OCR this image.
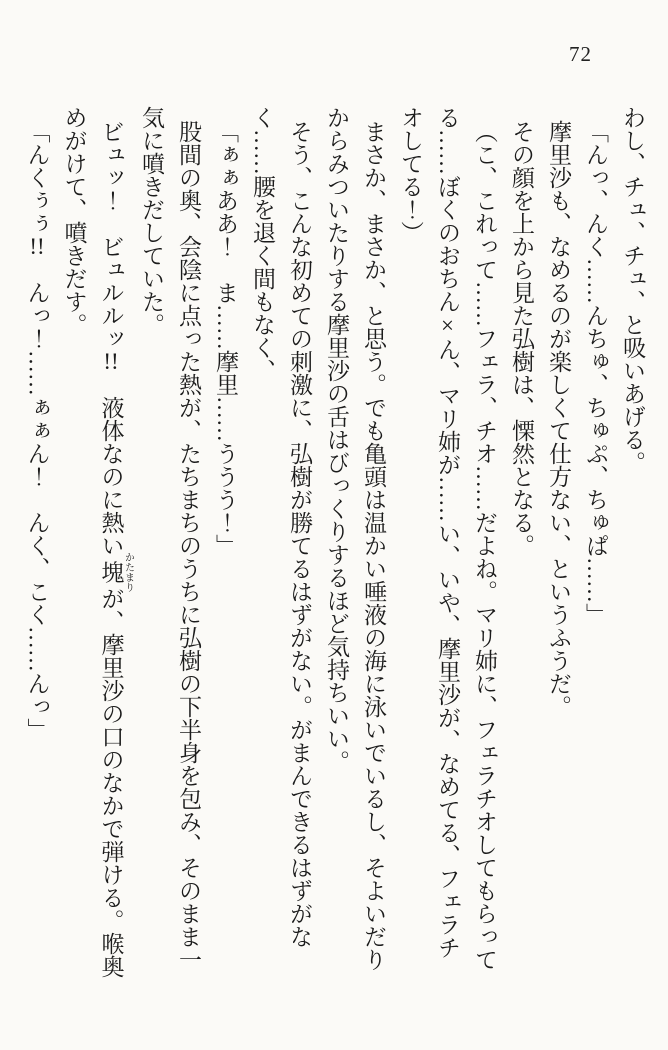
72

わし、チュ、チュ、と吸いあげる。

「んっ、んく……んちゅ、ちゅぷ、ちゅぱ……」

摩里沙も、なめるのが楽しくて仕方ない、というふうだ。

その顔を上から見た弘樹は、慄然となる。

（こ、これって……フェラ、チオ……だよね。マリ姉に、フェラチオしてもらってる……ぼくのおちん×ん、マリ姉が……い、いや、摩里沙が、なめてる、フェラチオしてる！）

まさか、まさか、と思う。でも亀頭は温かい唾液の海に泳いでいるし、そよいだりからみついたりする摩里沙の舌はびっくりするほど気持ちいい。

そう、こんな初めての刺激に、弘樹が勝てるはずがない。がまんできるはずがなく……腰を退く間もなく、

「ぁぁああ！　ま……摩里……ううう！」

股間の奥、会陰に点った熱が、たちまちのうちに弘樹の下半身を包み、そのまま一気に噴きだしていた。

ビュッ！　ビュルルッ!!　液体なのに熱い塊 かたまりが、摩里沙の口のなかで弾ける。喉奥めがけて、噴きだす。

「んくぅぅ!!　んっ！……ぁぁん！　んく、こく……んっ」
